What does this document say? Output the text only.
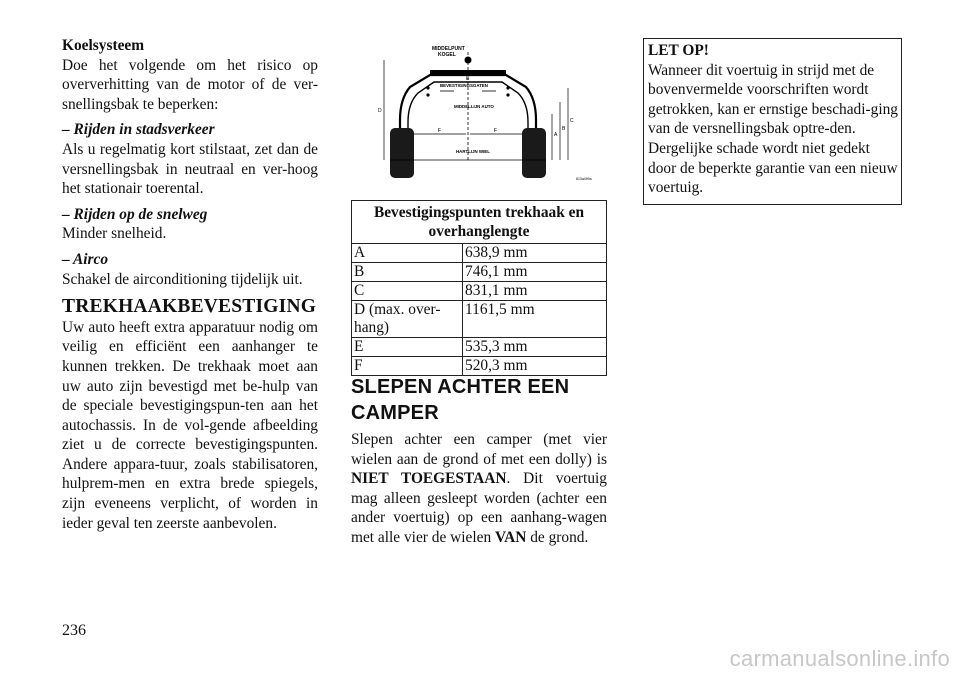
Koelsysteem

Doe het volgende om het risico op oververhitting van de motor of de ver-snellingsbak te beperken:

– Rijden in stadsverkeer

Als u regelmatig kort stilstaat, zet dan de versnellingsbak in neutraal en ver-hoog het stationair toerental.

– Rijden op de snelweg

Minder snelheid.

– Airco

Schakel de airconditioning tijdelijk uit.

TREKHAAKBEVESTIGING

Uw auto heeft extra apparatuur nodig om veilig en efficiënt een aanhanger te kunnen trekken. De trekhaak moet aan uw auto zijn bevestigd met be-hulp van de speciale bevestigingspun-ten aan het autochassis. In de vol-gende afbeelding ziet u de correcte bevestigingspunten. Andere appara-tuur, zoals stabilisatoren, hulprem-men en extra brede spiegels, zijn eveneens verplicht, of worden in ieder geval ten zeerste aanbevolen.

MIDDELPUNT
KOGEL
BEVESTIGINGSGATEN
MIDDELLIJN AUTO
HARTLIJN WIEL
D
A
B
C
E
F	F
813a499a
Bevestigingspunten trekhaak en overhanglengte	
A	638,9 mm
B	746,1 mm
C	831,1 mm
D (max. over-hang)	1161,5 mm
E	535,3 mm
F	520,3 mm
SLEPEN ACHTER EEN
CAMPER

Slepen achter een camper (met vier wielen aan de grond of met een dolly) is NIET TOEGESTAAN. Dit voertuig mag alleen gesleept worden (achter een ander voertuig) op een aanhang-wagen met alle vier de wielen VAN de grond.

LET OP!

Wanneer dit voertuig in strijd met de bovenvermelde voorschriften wordt getrokken, kan er ernstige beschadi-ging van de versnellingsbak optre-den. Dergelijke schade wordt niet gedekt door de beperkte garantie van een nieuw voertuig.

236
carmanualsonline.info
